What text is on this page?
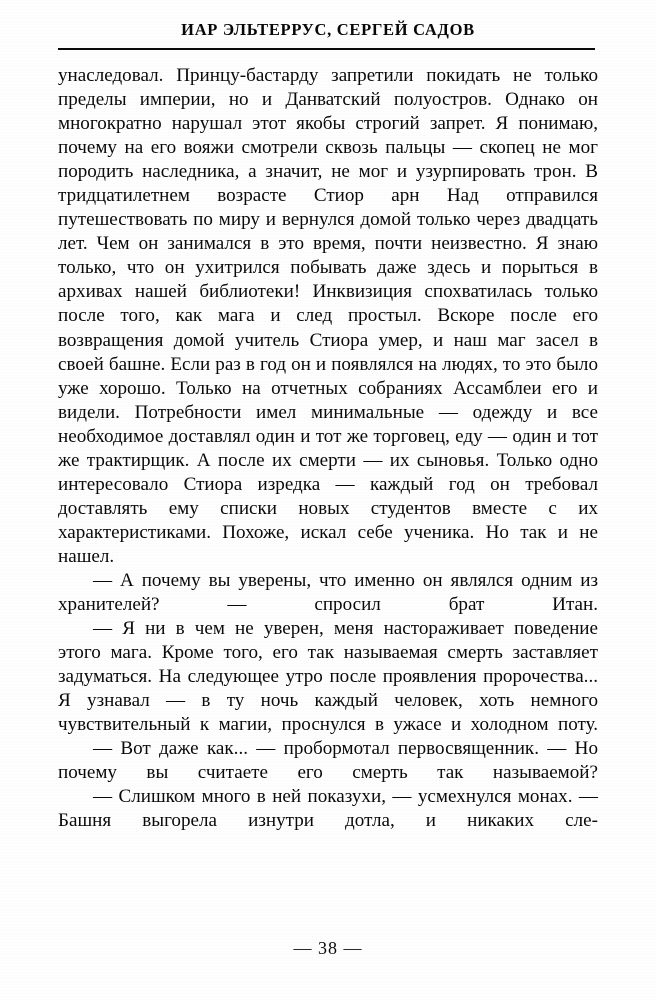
ИАР ЭЛЬТЕРРУС, СЕРГЕЙ САДОВ

унаследовал. Принцу-бастарду запретили покидать не только пределы империи, но и Данватский полуостров. Однако он многократно нарушал этот якобы строгий запрет. Я понимаю, почему на его вояжи смотрели сквозь пальцы — скопец не мог породить наследника, а значит, не мог и узурпировать трон. В тридцатилетнем возрасте Стиор арн Над отправился путешествовать по миру и вернулся домой только через двадцать лет. Чем он занимался в это время, почти неизвестно. Я знаю только, что он ухитрился побывать даже здесь и порыться в архивах нашей библиотеки! Инквизиция спохватилась только после того, как мага и след простыл. Вскоре после его возвращения домой учитель Стиора умер, и наш маг засел в своей башне. Если раз в год он и появлялся на людях, то это было уже хорошо. Только на отчетных собраниях Ассамблеи его и видели. Потребности имел минимальные — одежду и все необходимое доставлял один и тот же торговец, еду — один и тот же трактирщик. А после их смерти — их сыновья. Только одно интересовало Стиора изредка — каждый год он требовал доставлять ему списки новых студентов вместе с их характеристиками. Похоже, искал себе ученика. Но так и не нашел.

— А почему вы уверены, что именно он являлся одним из хранителей? — спросил брат Итан.

— Я ни в чем не уверен, меня настораживает поведение этого мага. Кроме того, его так называемая смерть заставляет задуматься. На следующее утро после проявления пророчества... Я узнавал — в ту ночь каждый человек, хоть немного чувствительный к магии, проснулся в ужасе и холодном поту.

— Вот даже как... — пробормотал первосвященник. — Но почему вы считаете его смерть так называемой?

— Слишком много в ней показухи, — усмехнулся монах. — Башня выгорела изнутри дотла, и никаких сле-

— 38 —
